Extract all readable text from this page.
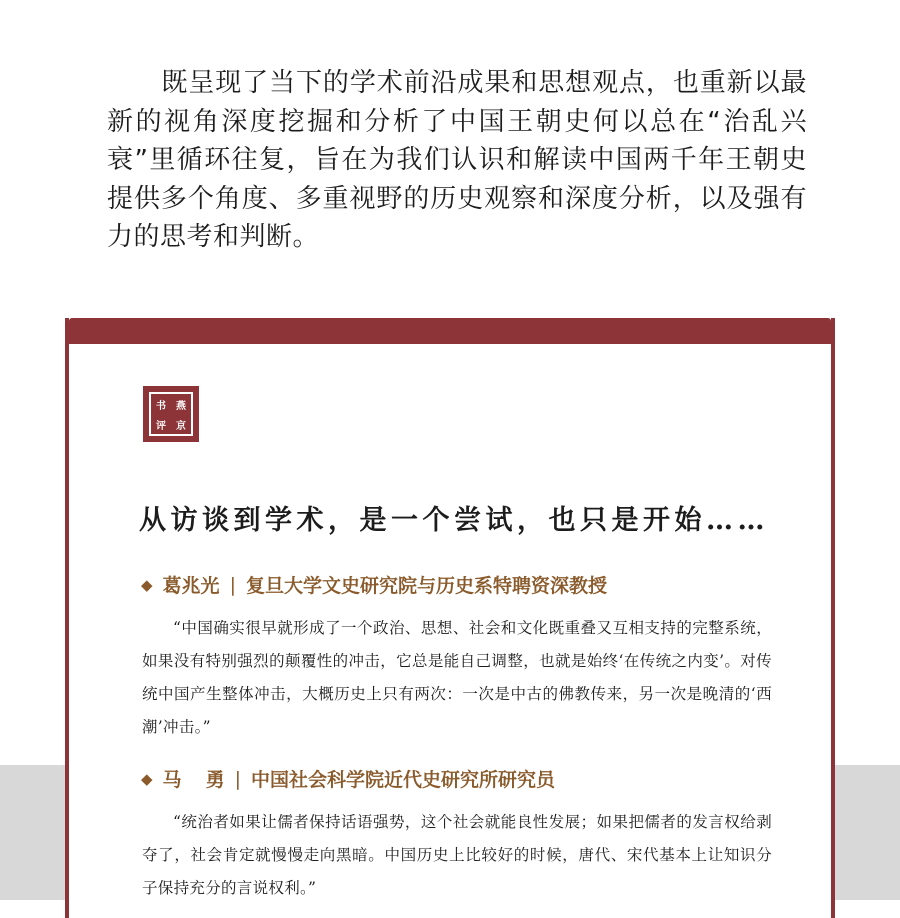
既呈现了当下的学术前沿成果和思想观点，也重新以最新的视角深度挖掘和分析了中国王朝史何以总在“治乱兴衰”里循环往复，旨在为我们认识和解读中国两千年王朝史提供多个角度、多重视野的历史观察和深度分析，以及强有力的思考和判断。
书	燕
评	京
从访谈到学术，是一个尝试，也只是开始……
◆ 葛兆光 | 复旦大学文史研究院与历史系特聘资深教授
“中国确实很早就形成了一个政治、思想、社会和文化既重叠又互相支持的完整系统，如果没有特别强烈的颠覆性的冲击，它总是能自己调整，也就是始终‘在传统之内变’。对传统中国产生整体冲击，大概历史上只有两次：一次是中古的佛教传来，另一次是晚清的‘西潮’冲击。”
◆ 马 勇 | 中国社会科学院近代史研究所研究员
“统治者如果让儒者保持话语强势，这个社会就能良性发展；如果把儒者的发言权给剥夺了，社会肯定就慢慢走向黑暗。中国历史上比较好的时候，唐代、宋代基本上让知识分子保持充分的言说权利。”
